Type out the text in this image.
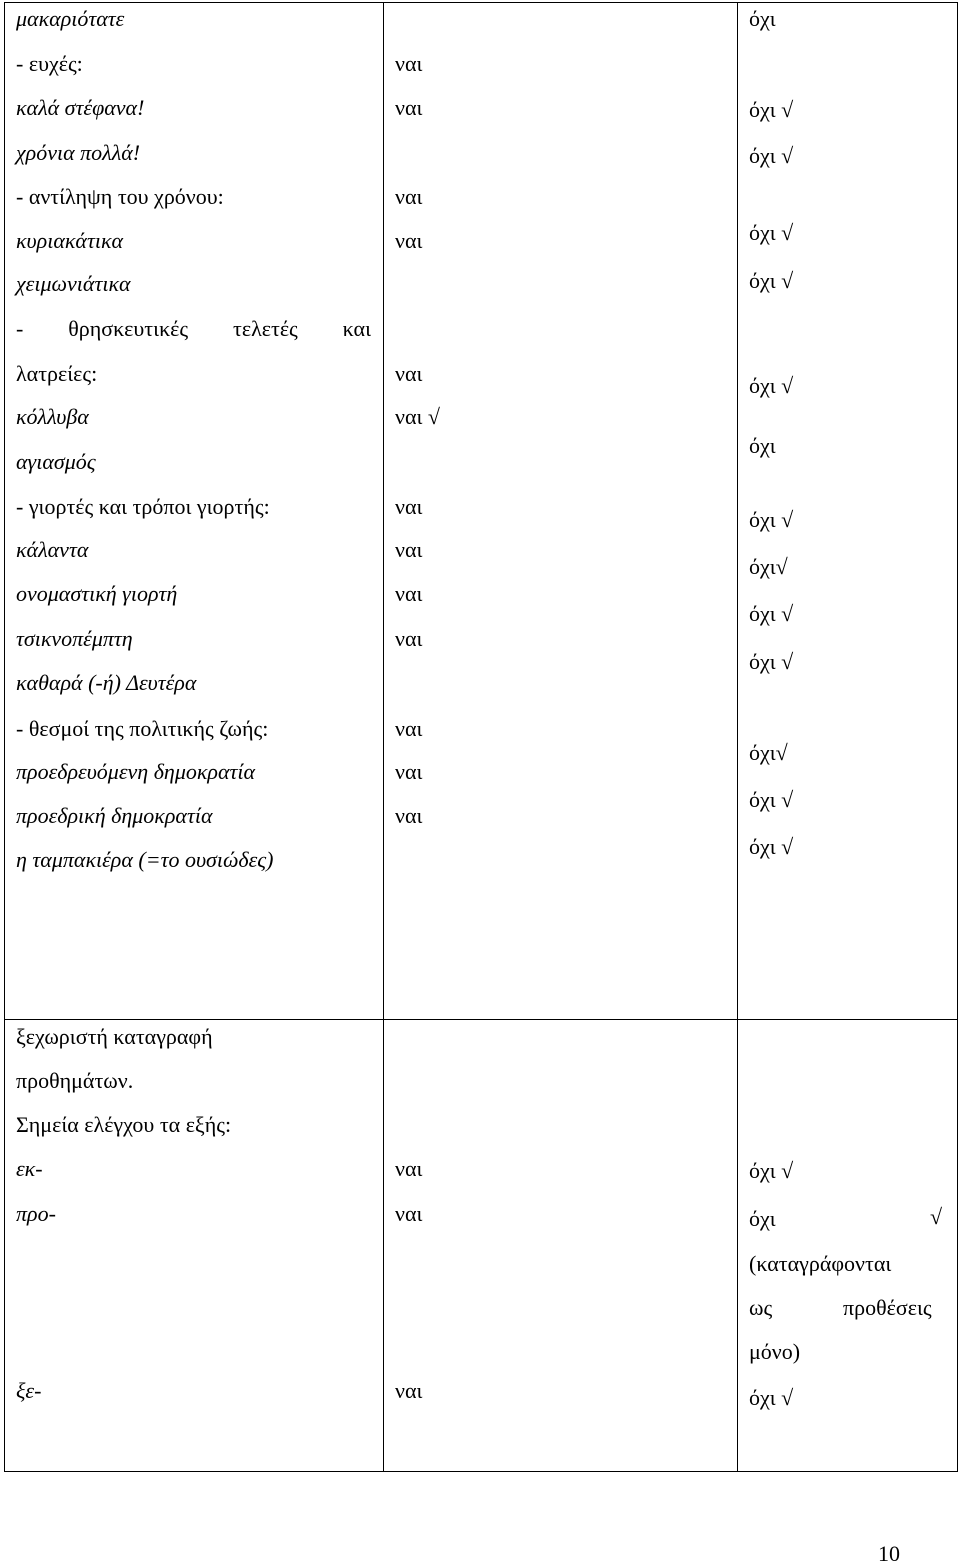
μακαριότατε
- ευχές:
καλά στέφανα!
χρόνια πολλά!
- αντίληψη του χρόνου:
κυριακάτικα
χειμωνιάτικα
- θρησκευτικές τελετές και
λατρείες:
κόλλυβα
αγιασμός
- γιορτές και τρόποι γιορτής:
κάλαντα
ονομαστική γιορτή
τσικνοπέμπτη
καθαρά (-ή) Δευτέρα
- θεσμοί της πολιτικής ζωής:
προεδρευόμενη δημοκρατία
προεδρική δημοκρατία
η ταμπακιέρα (=το ουσιώδες)
ναι
ναι
ναι
ναι
ναι
ναι √
ναι
ναι
ναι
ναι
ναι
ναι
ναι
όχι
όχι √
όχι √
όχι √
όχι √
όχι √
όχι
όχι √
όχι√
όχι √
όχι √
όχι√
όχι √
όχι √
ξεχωριστή καταγραφή
προθημάτων.
Σημεία ελέγχου τα εξής:
εκ-
προ-
ξε-
ναι
ναι
ναι
όχι √
όχι	√
(καταγράφονται
ως	προθέσεις
μόνο)
όχι √
10
